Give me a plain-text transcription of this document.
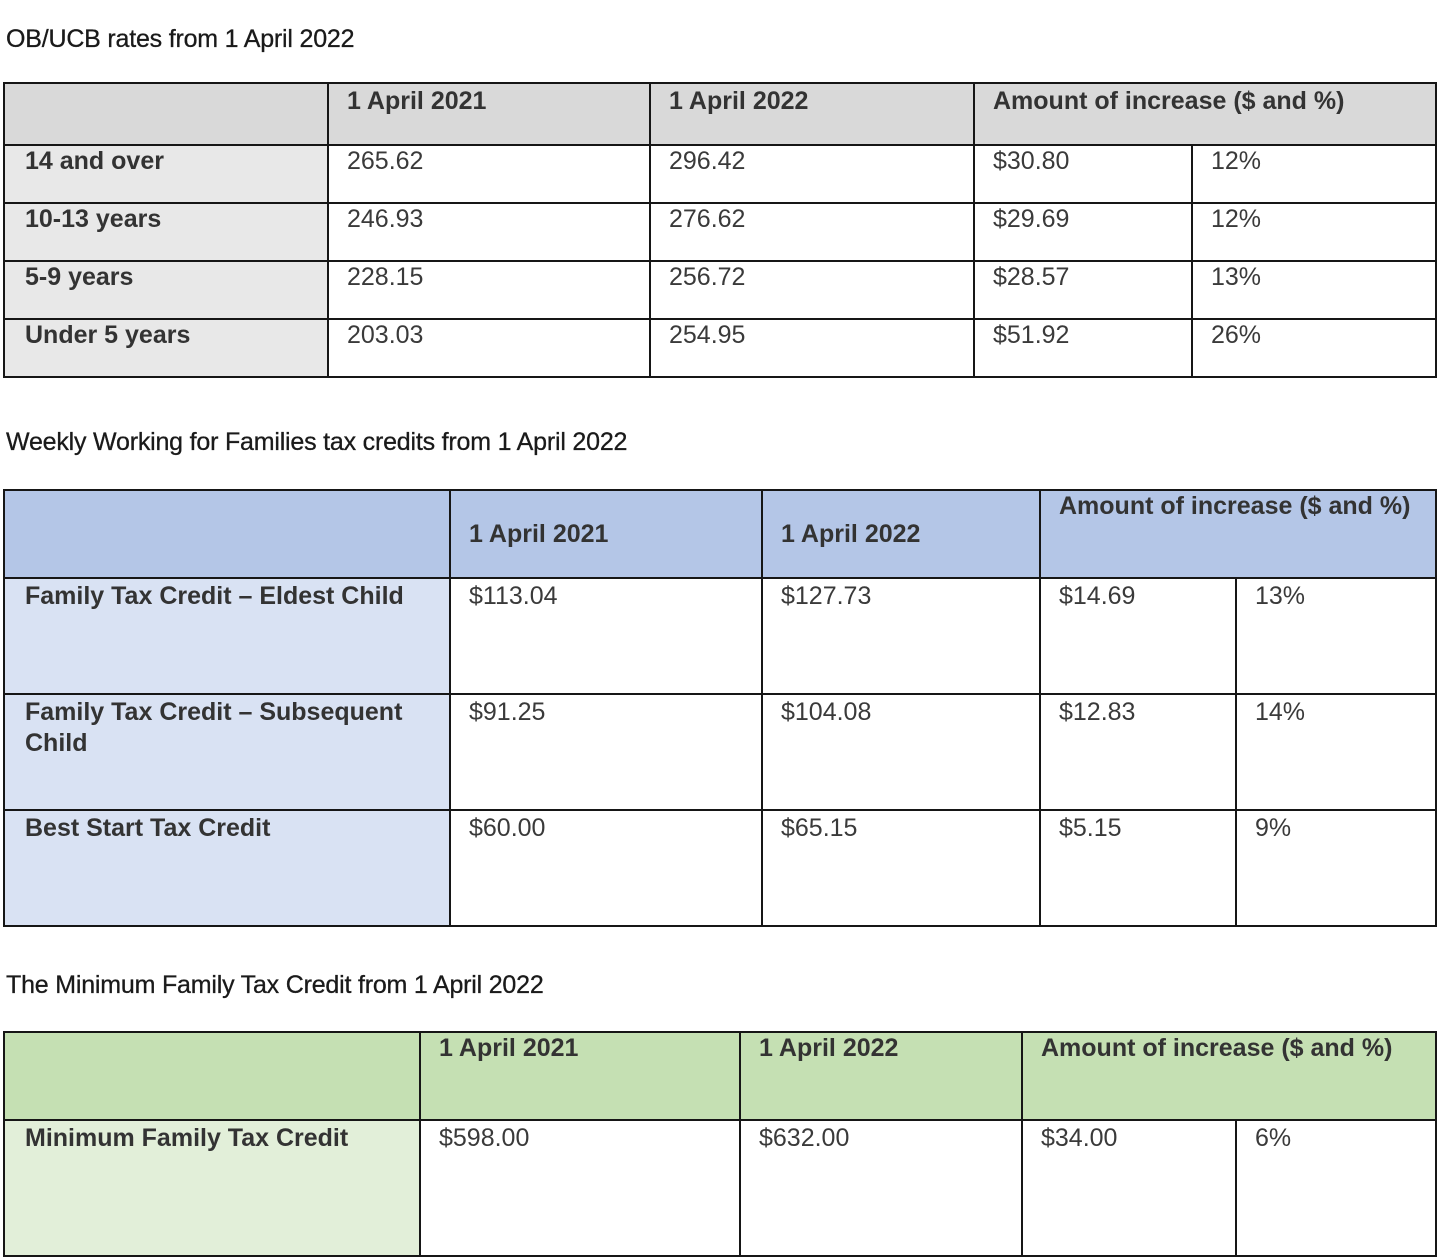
OB/UCB rates from 1 April 2022
	1 April 2021	1 April 2022	Amount of increase ($ and %)	
14 and over	265.62	296.42	$30.80	12%
10-13 years	246.93	276.62	$29.69	12%
5-9 years	228.15	256.72	$28.57	13%
Under 5 years	203.03	254.95	$51.92	26%
Weekly Working for Families tax credits from 1 April 2022
	1 April 2021	1 April 2022	Amount of increase ($ and %)	
Family Tax Credit – Eldest Child	$113.04	$127.73	$14.69	13%
Family Tax Credit – Subsequent Child	$91.25	$104.08	$12.83	14%
Best Start Tax Credit	$60.00	$65.15	$5.15	9%
The Minimum Family Tax Credit from 1 April 2022
	1 April 2021	1 April 2022	Amount of increase ($ and %)	
Minimum Family Tax Credit	$598.00	$632.00	$34.00	6%
